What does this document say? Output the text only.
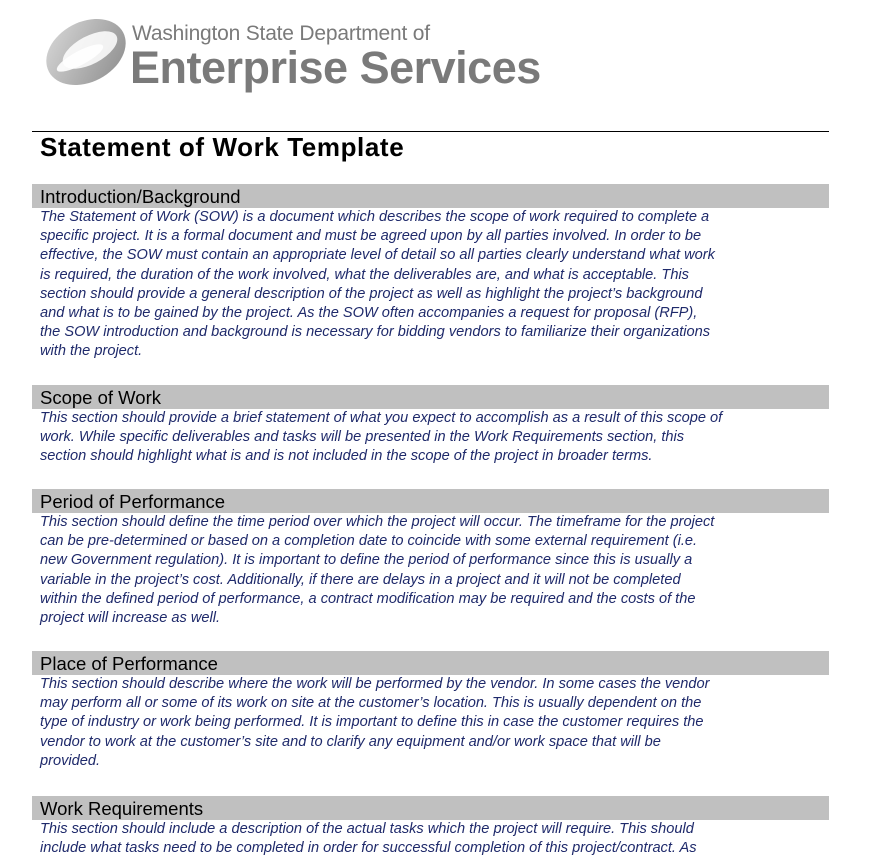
Washington State Department of
Enterprise Services
Statement of Work Template
Introduction/Background
The Statement of Work (SOW) is a document which describes the scope of work required to complete a
specific project. It is a formal document and must be agreed upon by all parties involved. In order to be
effective, the SOW must contain an appropriate level of detail so all parties clearly understand what work
is required, the duration of the work involved, what the deliverables are, and what is acceptable. This
section should provide a general description of the project as well as highlight the project’s background
and what is to be gained by the project. As the SOW often accompanies a request for proposal (RFP),
the SOW introduction and background is necessary for bidding vendors to familiarize their organizations
with the project.
Scope of Work
This section should provide a brief statement of what you expect to accomplish as a result of this scope of
work. While specific deliverables and tasks will be presented in the Work Requirements section, this
section should highlight what is and is not included in the scope of the project in broader terms.
Period of Performance
This section should define the time period over which the project will occur. The timeframe for the project
can be pre-determined or based on a completion date to coincide with some external requirement (i.e.
new Government regulation). It is important to define the period of performance since this is usually a
variable in the project’s cost. Additionally, if there are delays in a project and it will not be completed
within the defined period of performance, a contract modification may be required and the costs of the
project will increase as well.
Place of Performance
This section should describe where the work will be performed by the vendor. In some cases the vendor
may perform all or some of its work on site at the customer’s location. This is usually dependent on the
type of industry or work being performed. It is important to define this in case the customer requires the
vendor to work at the customer’s site and to clarify any equipment and/or work space that will be
provided.
Work Requirements
This section should include a description of the actual tasks which the project will require. This should
include what tasks need to be completed in order for successful completion of this project/contract. As
